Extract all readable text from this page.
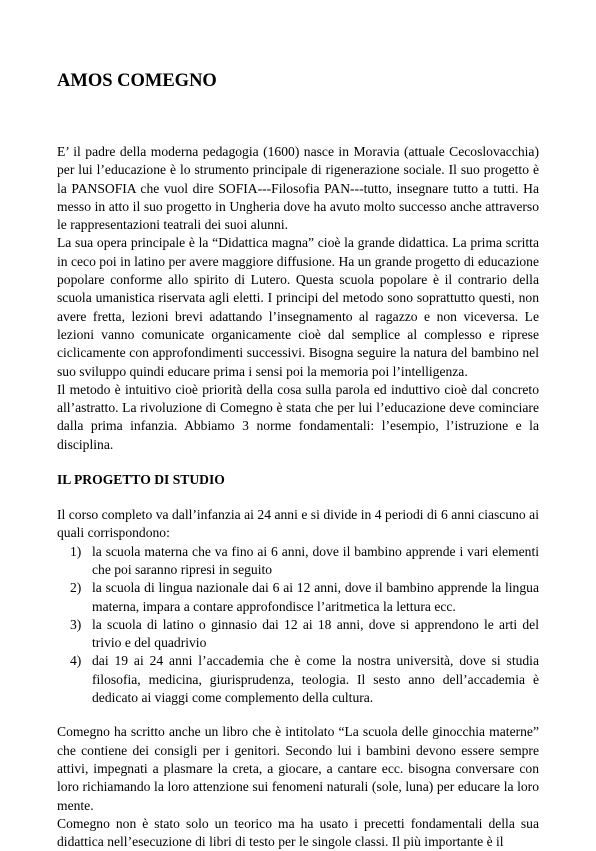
AMOS COMEGNO

E’ il padre della moderna pedagogia (1600) nasce in Moravia (attuale Cecoslovacchia) per lui l’educazione è lo strumento principale di rigenerazione sociale. Il suo progetto è la PANSOFIA che vuol dire SOFIA---Filosofia PAN---tutto, insegnare tutto a tutti. Ha messo in atto il suo progetto in Ungheria dove ha avuto molto successo anche attraverso le rappresentazioni teatrali dei suoi alunni.

La sua opera principale è la “Didattica magna” cioè la grande didattica. La prima scritta in ceco poi in latino per avere maggiore diffusione. Ha un grande progetto di educazione popolare conforme allo spirito di Lutero. Questa scuola popolare è il contrario della scuola umanistica riservata agli eletti. I principi del metodo sono soprattutto questi, non avere fretta, lezioni brevi adattando l’insegnamento al ragazzo e non viceversa. Le lezioni vanno comunicate organicamente cioè dal semplice al complesso e riprese ciclicamente con approfondimenti successivi. Bisogna seguire la natura del bambino nel suo sviluppo quindi educare prima i sensi poi la memoria poi l’intelligenza.

Il metodo è intuitivo cioè priorità della cosa sulla parola ed induttivo cioè dal concreto all’astratto. La rivoluzione di Comegno è stata che per lui l’educazione deve cominciare dalla prima infanzia. Abbiamo 3 norme fondamentali: l’esempio, l’istruzione e la disciplina.

IL PROGETTO DI STUDIO

Il corso completo va dall’infanzia ai 24 anni e si divide in 4 periodi di 6 anni ciascuno ai quali corrispondono:

la scuola materna che va fino ai 6 anni, dove il bambino apprende i vari elementi che poi saranno ripresi in seguito
la scuola di lingua nazionale dai 6 ai 12 anni, dove il bambino apprende la lingua materna, impara a contare approfondisce l’aritmetica la lettura ecc.
la scuola di latino o ginnasio dai 12 ai 18 anni, dove si apprendono le arti del trivio e del quadrivio
dai 19 ai 24 anni l’accademia che è come la nostra università, dove si studia filosofia, medicina, giurisprudenza, teologia. Il sesto anno dell’accademia è dedicato ai viaggi come complemento della cultura.

Comegno ha scritto anche un libro che è intitolato “La scuola delle ginocchia materne” che contiene dei consigli per i genitori. Secondo lui i bambini devono essere sempre attivi, impegnati a plasmare la creta, a giocare, a cantare ecc. bisogna conversare con loro richiamando la loro attenzione sui fenomeni naturali (sole, luna) per educare la loro mente.

Comegno non è stato solo un teorico ma ha usato i precetti fondamentali della sua didattica nell’esecuzione di libri di testo per le singole classi. Il più importante è il
